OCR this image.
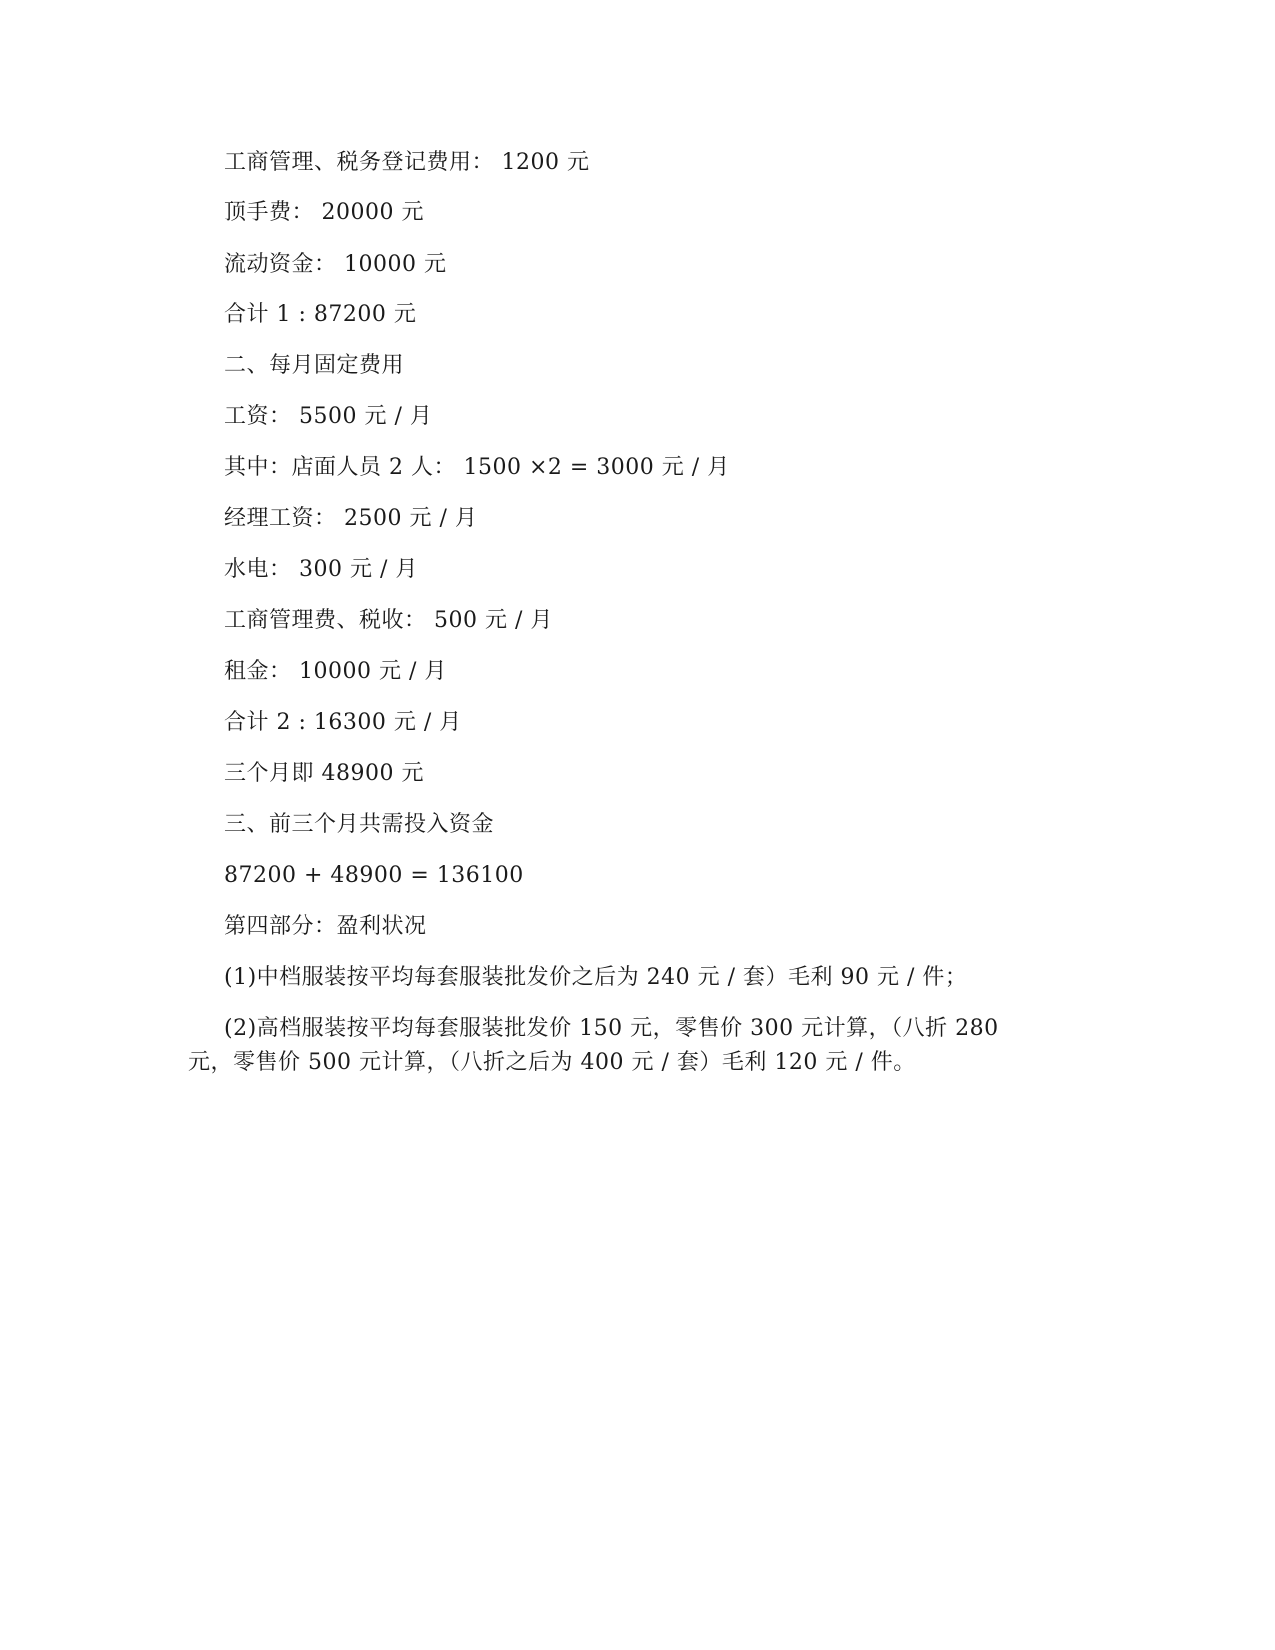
工商管理、税务登记费用： 1200 元
顶手费： 20000 元
流动资金： 10000 元
合计 1 : 87200 元
二、每月固定费用
工资： 5500 元 / 月
其中：店面人员 2 人： 1500 ×2 = 3000 元 / 月
经理工资： 2500 元 / 月
水电： 300 元 / 月
工商管理费、税收： 500 元 / 月
租金： 10000 元 / 月
合计 2 : 16300 元 / 月
三个月即 48900 元
三、前三个月共需投入资金
87200 + 48900 = 136100
第四部分：盈利状况
(1)中档服装按平均每套服装批发价之后为 240 元 / 套）毛利 90 元 / 件；
(2)高档服装按平均每套服装批发价 150 元，零售价 300 元计算，（八折 280
元，零售价 500 元计算，（八折之后为 400 元 / 套）毛利 120 元 / 件。
